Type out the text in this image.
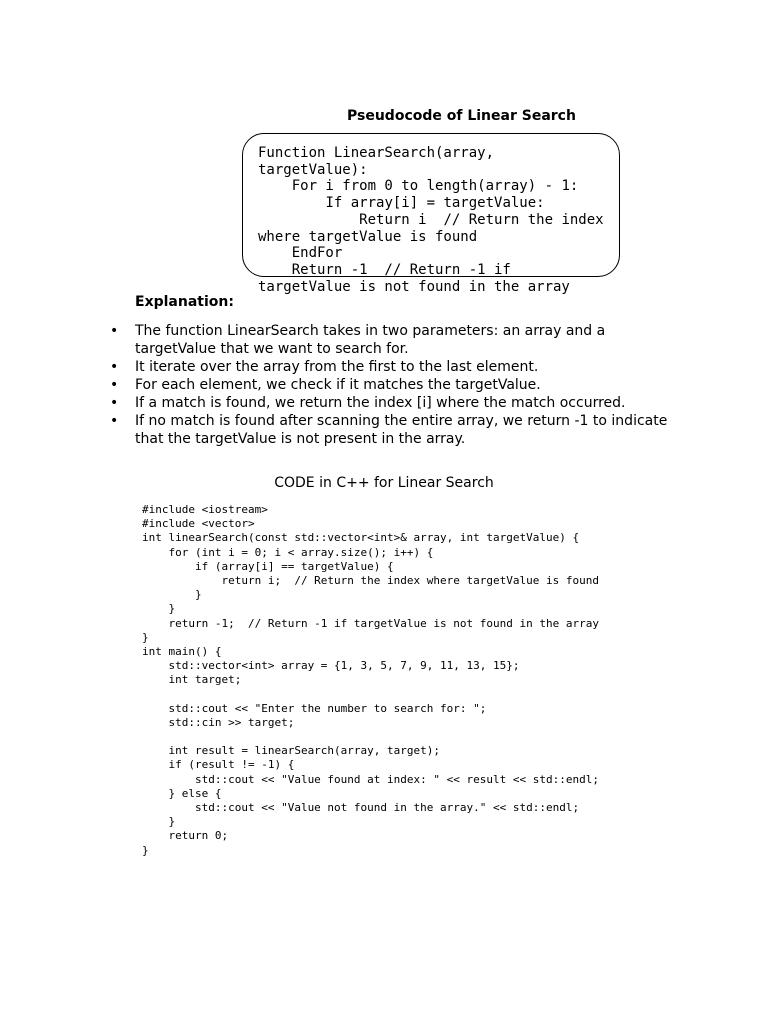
Pseudocode of Linear Search
Function LinearSearch(array, targetValue):
For i from 0 to length(array) - 1:
If array[i] = targetValue:
Return i  // Return the index where targetValue is found
EndFor
Return -1  // Return -1 if targetValue is not found in the array
Explanation:
• The function LinearSearch takes in two parameters: an array and a targetValue that we want to search for.
• It iterate over the array from the first to the last element.
• For each element, we check if it matches the targetValue.
• If a match is found, we return the index [i] where the match occurred.
• If no match is found after scanning the entire array, we return -1 to indicate that the targetValue is not present in the array.
CODE in C++ for Linear Search
#include <iostream>
#include <vector>
int linearSearch(const std::vector<int>& array, int targetValue) {
for (int i = 0; i < array.size(); i++) {
if (array[i] == targetValue) {
return i;  // Return the index where targetValue is found
}
}
return -1;  // Return -1 if targetValue is not found in the array
}
int main() {
std::vector<int> array = {1, 3, 5, 7, 9, 11, 13, 15};
int target;
std::cout << "Enter the number to search for: ";
std::cin >> target;
int result = linearSearch(array, target);
if (result != -1) {
std::cout << "Value found at index: " << result << std::endl;
} else {
std::cout << "Value not found in the array." << std::endl;
}
return 0;
}
